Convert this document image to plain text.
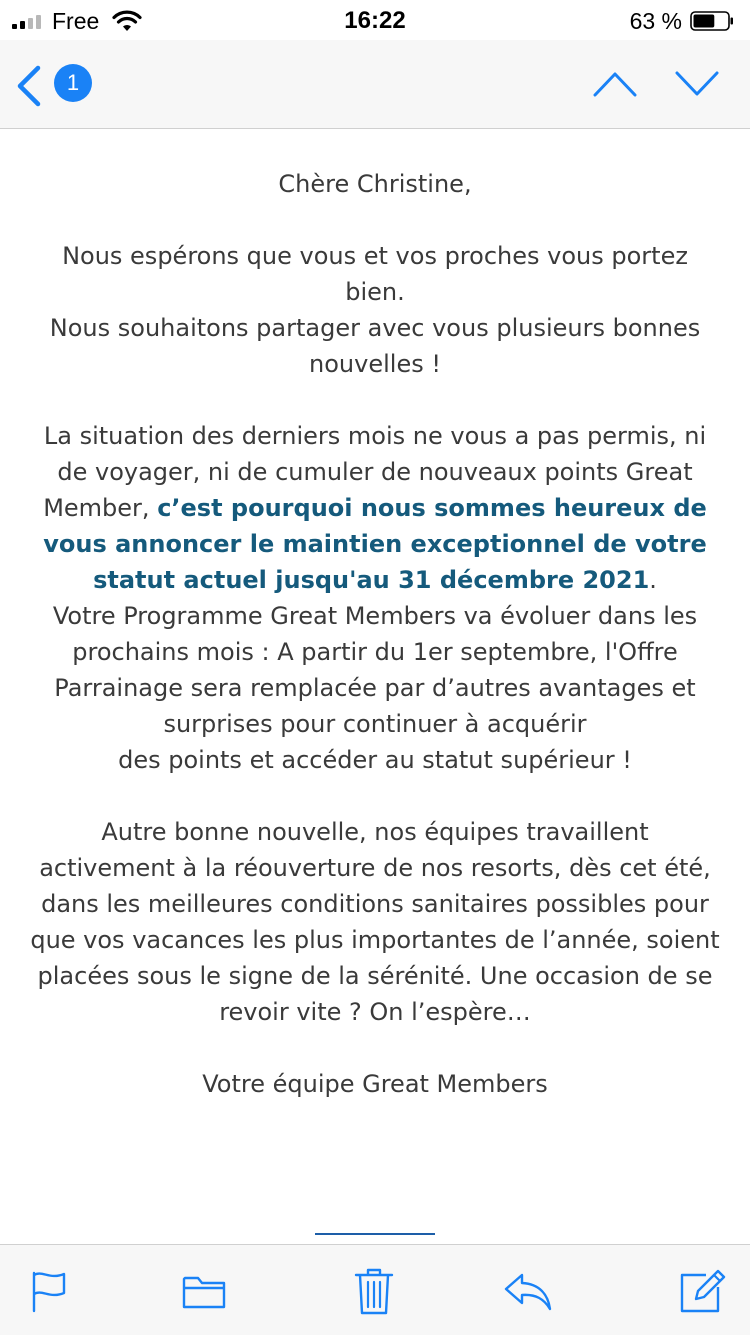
Free	16:22	63 %
1

Chère Christine,

Nous espérons que vous et vos proches vous portez bien.

Nous souhaitons partager avec vous plusieurs bonnes nouvelles !

La situation des derniers mois ne vous a pas permis, ni de voyager, ni de cumuler de nouveaux points Great Member, c’est pourquoi nous sommes heureux de vous annoncer le maintien exceptionnel de votre statut actuel jusqu'au 31 décembre 2021.

Votre Programme Great Members va évoluer dans les prochains mois : A partir du 1er septembre, l'Offre Parrainage sera remplacée par d’autres avantages et surprises pour continuer à acquérir

des points et accéder au statut supérieur !

Autre bonne nouvelle, nos équipes travaillent activement à la réouverture de nos resorts, dès cet été, dans les meilleures conditions sanitaires possibles pour que vos vacances les plus importantes de l’année, soient placées sous le signe de la sérénité. Une occasion de se revoir vite ? On l’espère…

Votre équipe Great Members
